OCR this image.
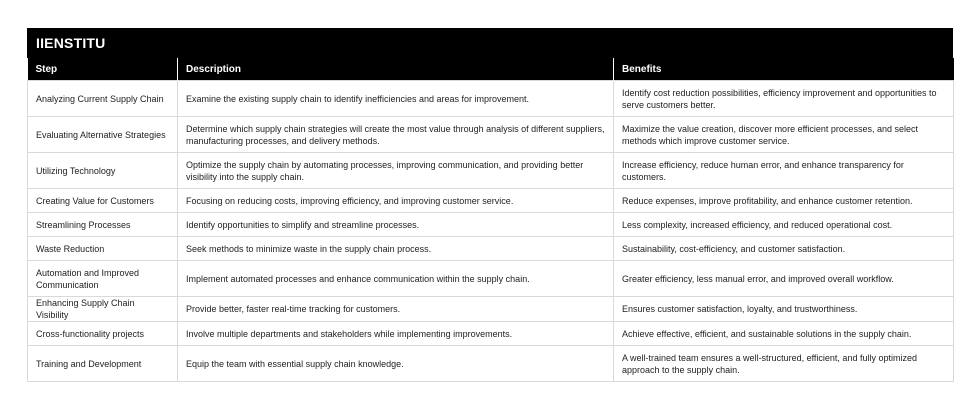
IIENSTITU
Step	Description	Benefits
Analyzing Current Supply Chain	Examine the existing supply chain to identify inefficiencies and areas for improvement.	Identify cost reduction possibilities, efficiency improvement and opportunities to serve customers better.
Evaluating Alternative Strategies	Determine which supply chain strategies will create the most value through analysis of different suppliers, manufacturing processes, and delivery methods.	Maximize the value creation, discover more efficient processes, and select methods which improve customer service.
Utilizing Technology	Optimize the supply chain by automating processes, improving communication, and providing better visibility into the supply chain.	Increase efficiency, reduce human error, and enhance transparency for customers.
Creating Value for Customers	Focusing on reducing costs, improving efficiency, and improving customer service.	Reduce expenses, improve profitability, and enhance customer retention.
Streamlining Processes	Identify opportunities to simplify and streamline processes.	Less complexity, increased efficiency, and reduced operational cost.
Waste Reduction	Seek methods to minimize waste in the supply chain process.	Sustainability, cost-efficiency, and customer satisfaction.
Automation and Improved Communication	Implement automated processes and enhance communication within the supply chain.	Greater efficiency, less manual error, and improved overall workflow.
Enhancing Supply Chain Visibility	Provide better, faster real-time tracking for customers.	Ensures customer satisfaction, loyalty, and trustworthiness.
Cross-functionality projects	Involve multiple departments and stakeholders while implementing improvements.	Achieve effective, efficient, and sustainable solutions in the supply chain.
Training and Development	Equip the team with essential supply chain knowledge.	A well-trained team ensures a well-structured, efficient, and fully optimized approach to the supply chain.
